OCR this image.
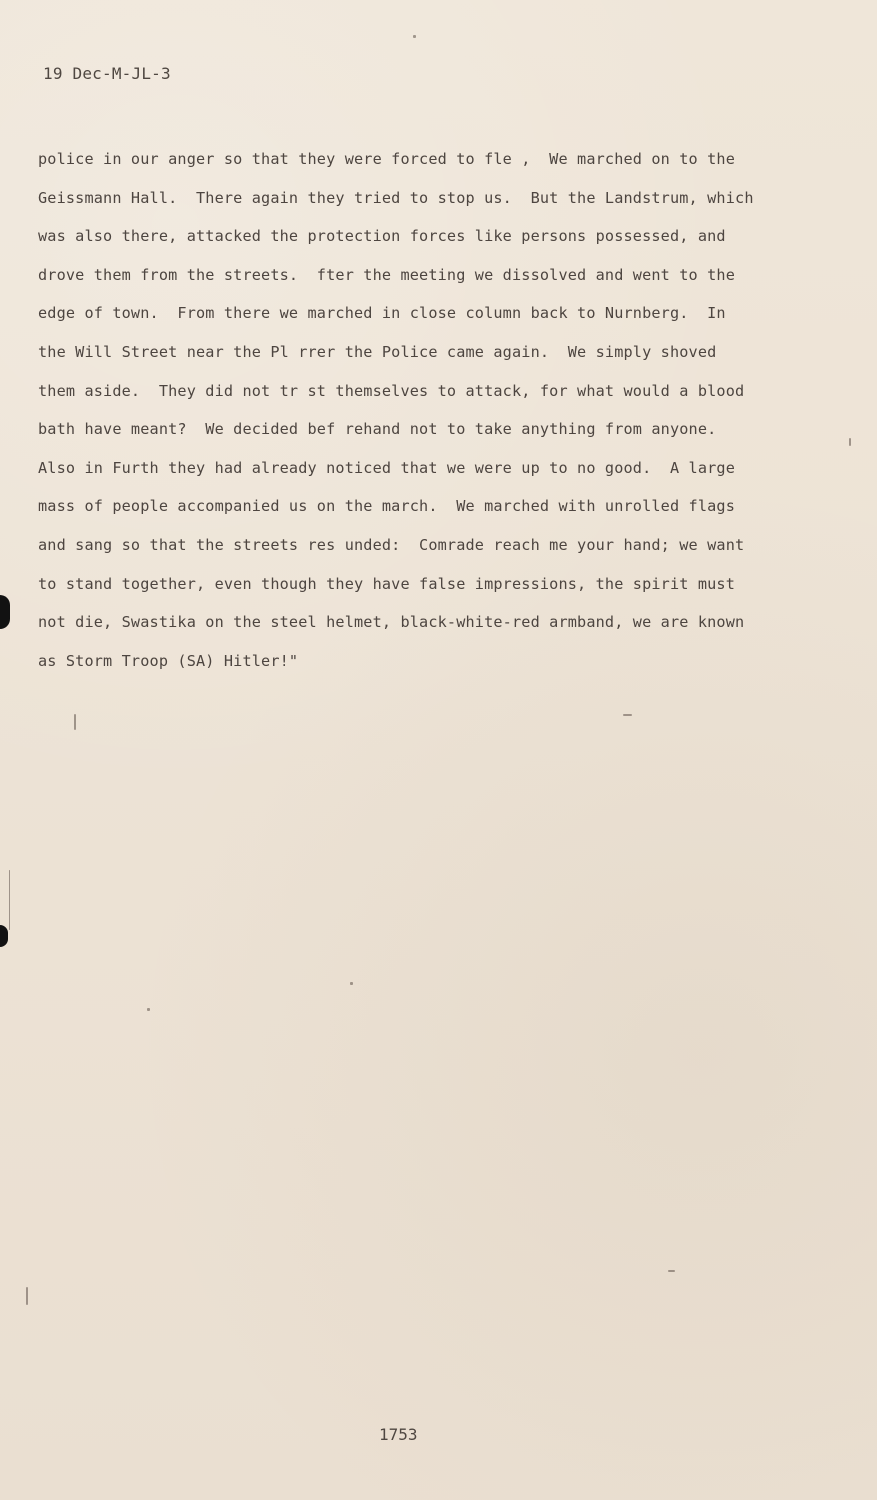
19 Dec-M-JL-3
police in our anger so that they were forced to fle ,  We marched on to the
Geissmann Hall.  There again they tried to stop us.  But the Landstrum, which
was also there, attacked the protection forces like persons possessed, and
drove them from the streets.  fter the meeting we dissolved and went to the
edge of town.  From there we marched in close column back to Nurnberg.  In
the Will Street near the Pl rrer the Police came again.  We simply shoved
them aside.  They did not tr st themselves to attack, for what would a blood
bath have meant?  We decided bef rehand not to take anything from anyone.
Also in Furth they had already noticed that we were up to no good.  A large
mass of people accompanied us on the march.  We marched with unrolled flags
and sang so that the streets res unded:  Comrade reach me your hand; we want
to stand together, even though they have false impressions, the spirit must
not die, Swastika on the steel helmet, black-white-red armband, we are known
as Storm Troop (SA) Hitler!"
1753
